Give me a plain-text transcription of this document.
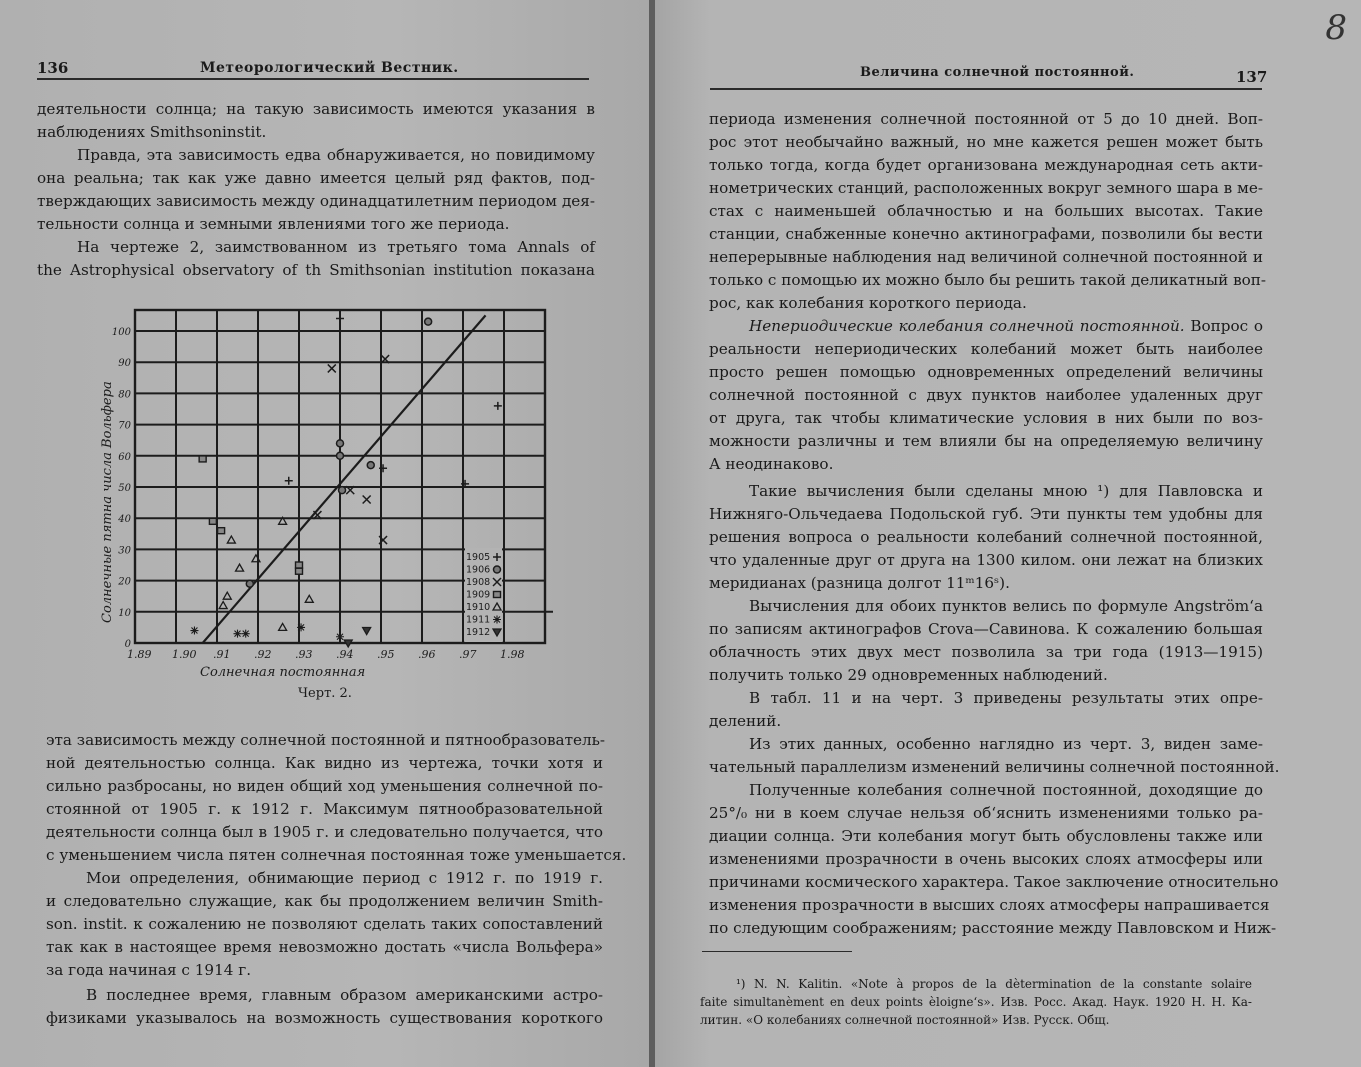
136	Метеорологический Вестник.

деятельности солнца; на такую зависимость имеются указания в
наблюдениях Smithsoninstit.

Правда, эта зависимость едва обнаруживается, но повидимому
она реальна; так как уже давно имеется целый ряд фактов, под-
тверждающих зависимость между одинадцатилетним периодом дея-
тельности солнца и земными явлениями того же периода.

На чертеже 2, заимствованном из третьяго тома Annals of
the Astrophysical observatory of th Smithsonian institution показана

1.89 1.90 .91 .92 .93 .94 .95 .96 .97 1.98
0
10
20
30
40
50
60
70
80
90
100
Солнечная постоянная
Солнечные пятна числа Вольфера	1905
1906
1908
1909
1910
1911
1912
Черт. 2.

эта зависимость между солнечной постоянной и пятнообразователь-
ной деятельностью солнца. Как видно из чертежа, точки хотя и
сильно разбросаны, но виден общий ход уменьшения солнечной по-
стоянной от 1905 г. к 1912 г. Максимум пятнообразовательной
деятельности солнца был в 1905 г. и следовательно получается, что
с уменьшением числа пятен солнечная постоянная тоже уменьшается.

Мои определения, обнимающие период с 1912 г. по 1919 г.
и следовательно служащие, как бы продолжением величин Smith-
son. instit. к сожалению не позволяют сделать таких сопоставлений
так как в настоящее время невозможно достать «числа Вольфера»
за года начиная с 1914 г.

В последнее время, главным образом американскими астро-
физиками указывалось на возможность существования короткого

8
Величина солнечной постоянной.	137

периода изменения солнечной постоянной от 5 до 10 дней. Воп-
рос этот необычайно важный, но мне кажется решен может быть
только тогда, когда будет организована международная сеть акти-
нометрических станций, расположенных вокруг земного шара в ме-
стах с наименьшей облачностью и на больших высотах. Такие
станции, снабженные конечно актинографами, позволили бы вести
неперерывные наблюдения над величиной солнечной постоянной и
только с помощью их можно было бы решить такой деликатный воп-
рос, как колебания короткого периода.

Непериодические колебания солнечной постоянной. Вопрос о
реальности непериодических колебаний может быть наиболее
просто решен помощью одновременных определений величины
солнечной постоянной с двух пунктов наиболее удаленных друг
от друга, так чтобы климатические условия в них были по воз-
можности различны и тем влияли бы на определяемую величину
А неодинаково.

Такие вычисления были сделаны мною ¹) для Павловска и
Нижняго-Ольчедаева Подольской губ. Эти пункты тем удобны для
решения вопроса о реальности колебаний солнечной постоянной,
что удаленные друг от друга на 1300 килом. они лежат на близких
меридианах (разница долгот 11ᵐ16ˢ).

Вычисления для обоих пунктов велись по формуле Angström‘a
по записям актинографов Crova—Савинова. К сожалению большая
облачность этих двух мест позволила за три года (1913—1915)
получить только 29 одновременных наблюдений.

В табл. 11 и на черт. 3 приведены результаты этих опре-
делений.

Из этих данных, особенно наглядно из черт. 3, виден заме-
чательный параллелизм изменений величины солнечной постоянной.

Полученные колебания солнечной постоянной, доходящие до
25°/₀ ни в коем случае нельзя об‘яснить изменениями только ра-
диации солнца. Эти колебания могут быть обусловлены также или
изменениями прозрачности в очень высоких слоях атмосферы или
причинами космического характера. Такое заключение относительно
изменения прозрачности в высших слоях атмосферы напрашивается
по следующим соображениям; расстояние между Павловском и Ниж-

¹) N. N. Kalitin. «Note à propos de la dètermination de la constante solaire
faite simultanèment en deux points èloigne‘s». Изв. Росс. Акад. Наук. 1920 Н. Н. Ка-
литин. «О колебаниях солнечной постоянной» Изв. Русск. Общ.
